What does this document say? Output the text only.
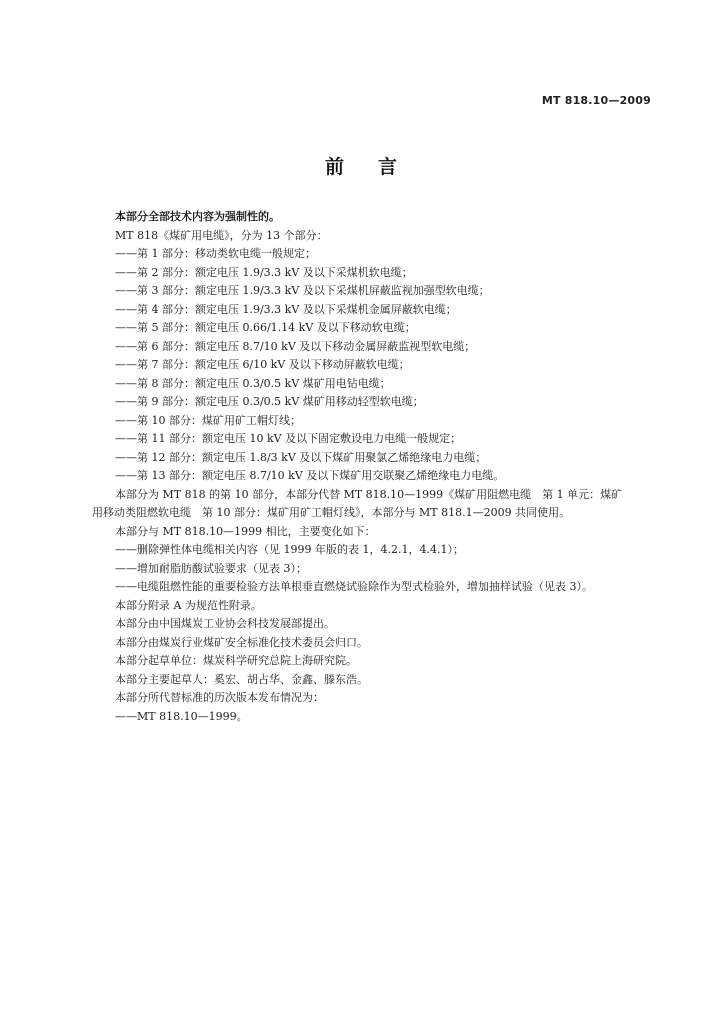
MT 818.10—2009
前 言
本部分全部技术内容为强制性的。
MT 818《煤矿用电缆》，分为 13 个部分：
——第 1 部分：移动类软电缆一般规定；
——第 2 部分：额定电压 1.9/3.3 kV 及以下采煤机软电缆；
——第 3 部分：额定电压 1.9/3.3 kV 及以下采煤机屏蔽监视加强型软电缆；
——第 4 部分：额定电压 1.9/3.3 kV 及以下采煤机金属屏蔽软电缆；
——第 5 部分：额定电压 0.66/1.14 kV 及以下移动软电缆；
——第 6 部分：额定电压 8.7/10 kV 及以下移动金属屏蔽监视型软电缆；
——第 7 部分：额定电压 6/10 kV 及以下移动屏蔽软电缆；
——第 8 部分：额定电压 0.3/0.5 kV 煤矿用电钻电缆；
——第 9 部分：额定电压 0.3/0.5 kV 煤矿用移动轻型软电缆；
——第 10 部分：煤矿用矿工帽灯线；
——第 11 部分：额定电压 10 kV 及以下固定敷设电力电缆一般规定；
——第 12 部分：额定电压 1.8/3 kV 及以下煤矿用聚氯乙烯绝缘电力电缆；
——第 13 部分：额定电压 8.7/10 kV 及以下煤矿用交联聚乙烯绝缘电力电缆。
本部分为 MT 818 的第 10 部分，本部分代替 MT 818.10—1999《煤矿用阻燃电缆　第 1 单元：煤矿
用移动类阻燃软电缆　第 10 部分：煤矿用矿工帽灯线》，本部分与 MT 818.1—2009 共同使用。
本部分与 MT 818.10—1999 相比，主要变化如下：
——删除弹性体电缆相关内容（见 1999 年版的表 1，4.2.1，4.4.1）；
——增加耐脂肪酸试验要求（见表 3）；
——电缆阻燃性能的重要检验方法单根垂直燃烧试验除作为型式检验外，增加抽样试验（见表 3）。
本部分附录 A 为规范性附录。
本部分由中国煤炭工业协会科技发展部提出。
本部分由煤炭行业煤矿安全标准化技术委员会归口。
本部分起草单位：煤炭科学研究总院上海研究院。
本部分主要起草人：奚宏、胡占华、金鑫、滕东浩。
本部分所代替标准的历次版本发布情况为：
——MT 818.10—1999。
